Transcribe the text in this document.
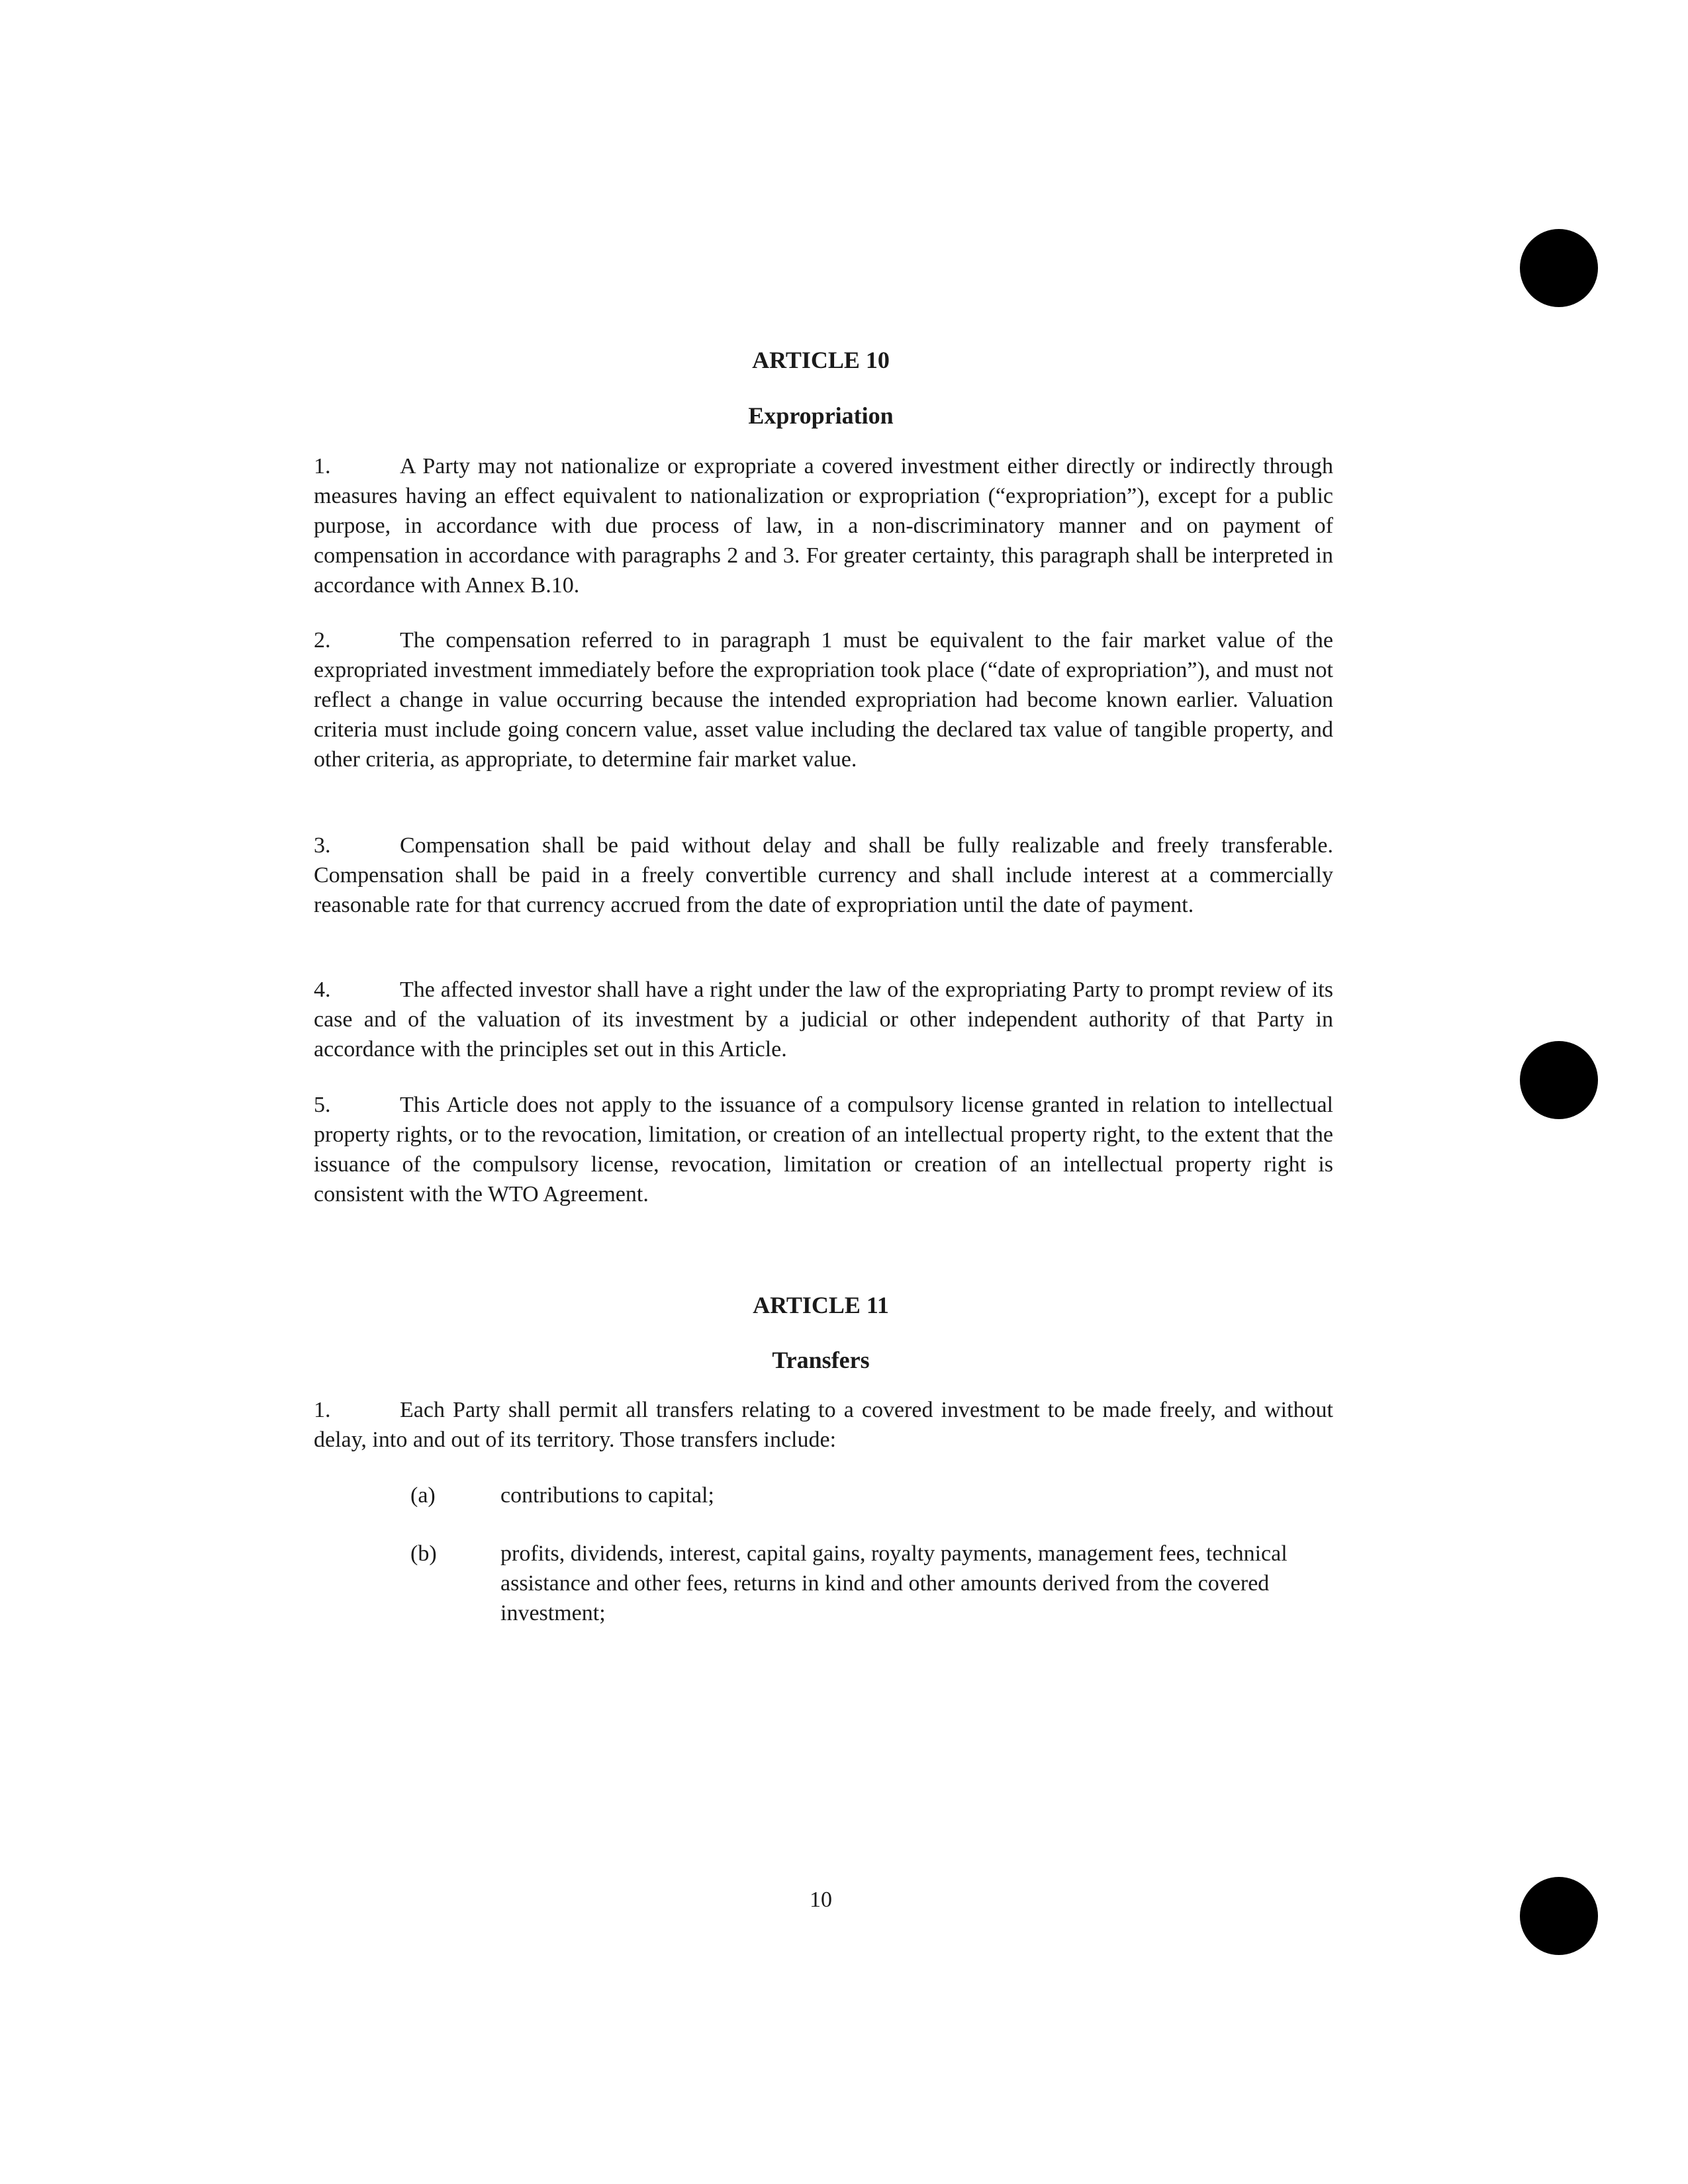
ARTICLE 10
Expropriation
1.	A Party may not nationalize or expropriate a covered investment either directly or indirectly through measures having an effect equivalent to nationalization or expropriation (“expropriation”), except for a public purpose, in accordance with due process of law, in a non-discriminatory manner and on payment of compensation in accordance with paragraphs 2 and 3. For greater certainty, this paragraph shall be interpreted in accordance with Annex B.10.
2.	The compensation referred to in paragraph 1 must be equivalent to the fair market value of the expropriated investment immediately before the expropriation took place (“date of expropriation”), and must not reflect a change in value occurring because the intended expropriation had become known earlier. Valuation criteria must include going concern value, asset value including the declared tax value of tangible property, and other criteria, as appropriate, to determine fair market value.
3.	Compensation shall be paid without delay and shall be fully realizable and freely transferable. Compensation shall be paid in a freely convertible currency and shall include interest at a commercially reasonable rate for that currency accrued from the date of expropriation until the date of payment.
4.	The affected investor shall have a right under the law of the expropriating Party to prompt review of its case and of the valuation of its investment by a judicial or other independent authority of that Party in accordance with the principles set out in this Article.
5.	This Article does not apply to the issuance of a compulsory license granted in relation to intellectual property rights, or to the revocation, limitation, or creation of an intellectual property right, to the extent that the issuance of the compulsory license, revocation, limitation or creation of an intellectual property right is consistent with the WTO Agreement.
ARTICLE 11
Transfers
1.	Each Party shall permit all transfers relating to a covered investment to be made freely, and without delay, into and out of its territory. Those transfers include:
(a)	contributions to capital;
(b)	profits, dividends, interest, capital gains, royalty payments, management fees, technical assistance and other fees, returns in kind and other amounts derived from the covered investment;
10
